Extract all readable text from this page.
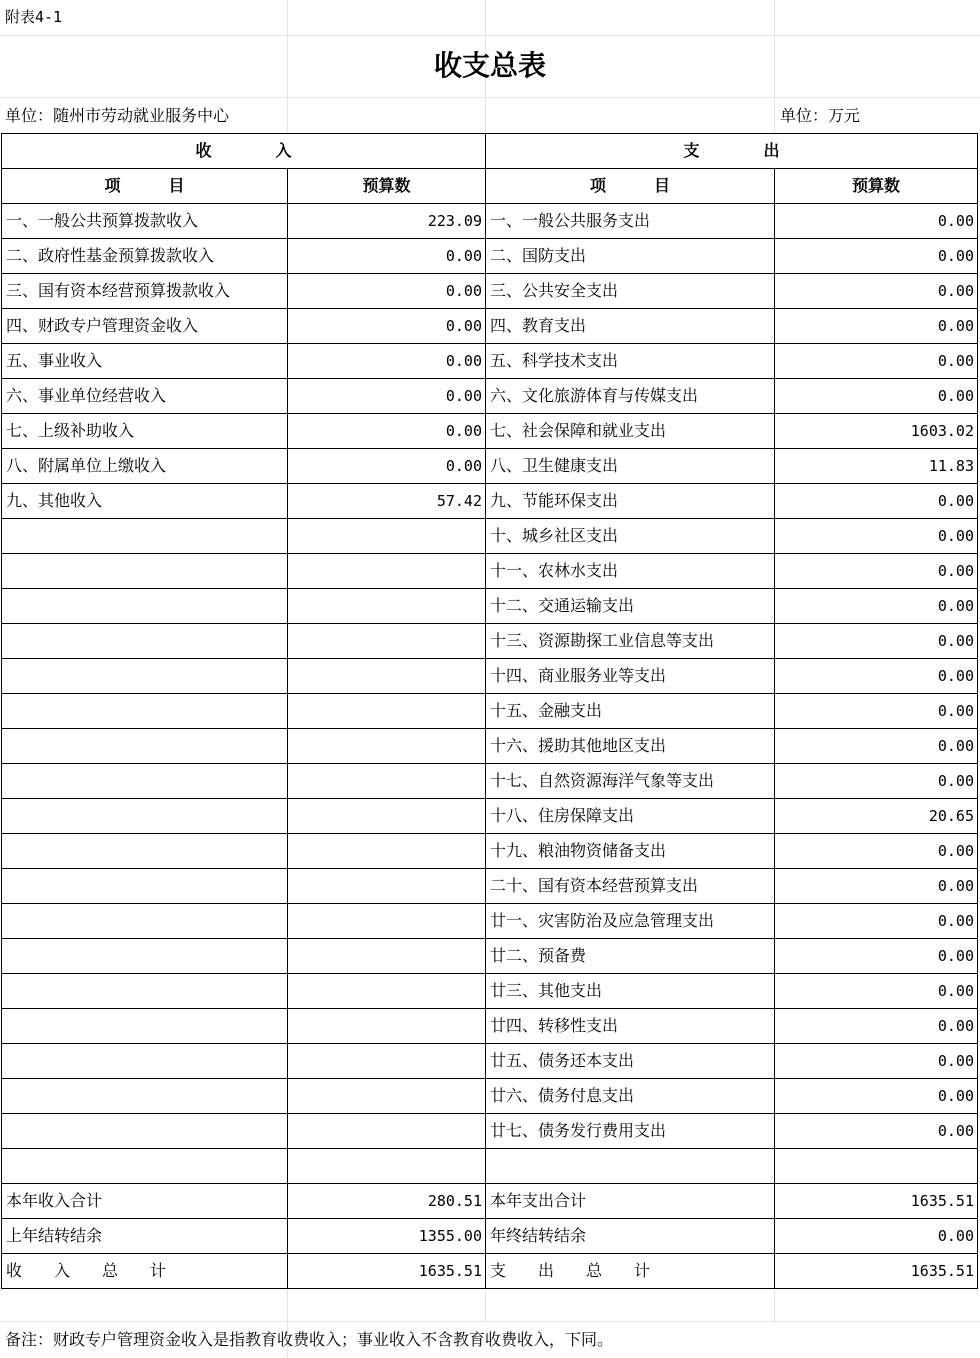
附表4-1
收支总表
单位：随州市劳动就业服务中心	单位：万元
收　　　　入		支　　　　出	
项　　　目	预算数	项　　　目	预算数
一、一般公共预算拨款收入	223.09	一、一般公共服务支出	0.00
二、政府性基金预算拨款收入	0.00	二、国防支出	0.00
三、国有资本经营预算拨款收入	0.00	三、公共安全支出	0.00
四、财政专户管理资金收入	0.00	四、教育支出	0.00
五、事业收入	0.00	五、科学技术支出	0.00
六、事业单位经营收入	0.00	六、文化旅游体育与传媒支出	0.00
七、上级补助收入	0.00	七、社会保障和就业支出	1603.02
八、附属单位上缴收入	0.00	八、卫生健康支出	11.83
九、其他收入	57.42	九、节能环保支出	0.00
		十、城乡社区支出	0.00
		十一、农林水支出	0.00
		十二、交通运输支出	0.00
		十三、资源勘探工业信息等支出	0.00
		十四、商业服务业等支出	0.00
		十五、金融支出	0.00
		十六、援助其他地区支出	0.00
		十七、自然资源海洋气象等支出	0.00
		十八、住房保障支出	20.65
		十九、粮油物资储备支出	0.00
		二十、国有资本经营预算支出	0.00
		廿一、灾害防治及应急管理支出	0.00
		廿二、预备费	0.00
		廿三、其他支出	0.00
		廿四、转移性支出	0.00
		廿五、债务还本支出	0.00
		廿六、债务付息支出	0.00
		廿七、债务发行费用支出	0.00

本年收入合计	280.51	本年支出合计	1635.51
上年结转结余	1355.00	年终结转结余	0.00
收　　入　　总　　计	1635.51	支　　出　　总　　计	1635.51
备注：财政专户管理资金收入是指教育收费收入；事业收入不含教育收费收入，下同。
